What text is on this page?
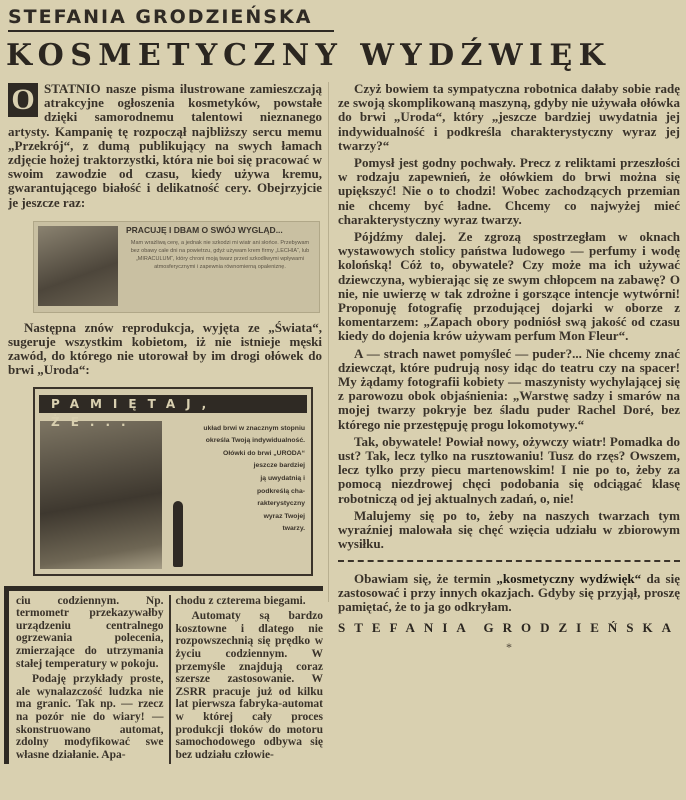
STEFANIA GRODZIEŃSKA
KOSMETYCZNY WYDŹWIĘK
O STATNIO nasze pisma ilustrowane zamieszczają atrakcyjne ogłoszenia kosmetyków, powstałe dzięki samorodnemu talentowi nieznanego artysty. Kampanię tę rozpoczął najbliższy sercu memu „Przekrój“, z dumą publikujący na swych łamach zdjęcie hożej traktorzystki, która nie boi się pracować w swoim zawodzie od czasu, kiedy używa kremu, gwarantującego białość i delikatność cery. Obejrzyjcie je jeszcze raz:

PRACUJĘ I DBAM O SWÓJ WYGLĄD...
Mam wrażliwą cerę, a jednak nie szkodzi mi wiatr ani słońce. Przebywam bez obawy całe dni na powietrzu, gdyż używam krem firmy „LECHIA“, lub „MIRACULUM“, który chroni moją twarz przed szkodliwymi wpływami atmosferycznymi i zapewnia równomierną opaleniznę.

Następna znów reprodukcja, wyjęta ze „Świata“, sugeruje wszystkim kobietom, iż nie istnieje męski zawód, do którego nie utorował by im drogi ołówek do brwi „Uroda“:

PAMIĘTAJ, ŻE...	układ brwi w znacznym stopniu
określa Twoją indywidualność.
Ołówki do brwi „URODA“
jeszcze bardziej
ją uwydatnią i
podkreślą cha-
rakterystyczny
wyraz Twojej
twarzy.

ciu codziennym. Np. termometr przekazywałby urządzeniu centralnego ogrzewania polecenia, zmierzające do utrzymania stałej temperatury w pokoju.

Podaję przykłady proste, ale wynalazczość ludzka nie ma granic. Tak np. — rzecz na pozór nie do wiary! — skonstruowano automat, zdolny modyfikować swe własne działanie. Apa-

chodu z czterema biegami.

Automaty są bardzo kosztowne i dlatego nie rozpowszechnią się prędko w życiu codziennym. W przemyśle znajdują coraz szersze zastosowanie. W ZSRR pracuje już od kilku lat pierwsza fabryka-automat w której cały proces produkcji tłoków do motoru samochodowego odbywa się bez udziału człowie-

Czyż bowiem ta sympatyczna robotnica dałaby sobie radę ze swoją skomplikowaną maszyną, gdyby nie używała ołówka do brwi „Uroda“, który „jeszcze bardziej uwydatnia jej indywidualność i podkreśla charakterystyczny wyraz jej twarzy?“

Pomysł jest godny pochwały. Precz z reliktami przeszłości w rodzaju zapewnień, że ołówkiem do brwi można się upiększyć! Nie o to chodzi! Wobec zachodzących przemian nie chcemy być ładne. Chcemy co najwyżej mieć charakterystyczny wyraz twarzy.

Pójdźmy dalej. Ze zgrozą spostrzegłam w oknach wystawowych stolicy państwa ludowego — perfumy i wodę kolońską! Cóż to, obywatele? Czy może ma ich używać dziewczyna, wybierając się ze swym chłopcem na zabawę? O nie, nie uwierzę w tak zdrożne i gorszące intencje wytwórni! Proponuję fotografię przodującej dojarki w oborze z komentarzem: „Zapach obory podniósł swą jakość od czasu kiedy do dojenia krów używam perfum Mon Fleur“.

A — strach nawet pomyśleć — puder?... Nie chcemy znać dziewcząt, które pudrują nosy idąc do teatru czy na spacer! My żądamy fotografii kobiety — maszynisty wychylającej się z parowozu obok objaśnienia: „Warstwę sadzy i smarów na mojej twarzy pokryje bez śladu puder Rachel Doré, bez którego nie przestępuję progu lokomotywy.“

Tak, obywatele! Powiał nowy, ożywczy wiatr! Pomadka do ust? Tak, lecz tylko na rusztowaniu! Tusz do rzęs? Owszem, lecz tylko przy piecu martenowskim! I nie po to, żeby za pomocą niezdrowej chęci podobania się odciągać klasę robotniczą od jej aktualnych zadań, o, nie!

Malujemy się po to, żeby na naszych twarzach tym wyraźniej malowała się chęć wzięcia udziału w zbiorowym wysiłku.

Obawiam się, że termin „kosmetyczny wydźwięk“ da się zastosować i przy innych okazjach. Gdyby się przyjął, proszę pamiętać, że to ja go odkryłam.

STEFANIA GRODZIEŃSKA
*
